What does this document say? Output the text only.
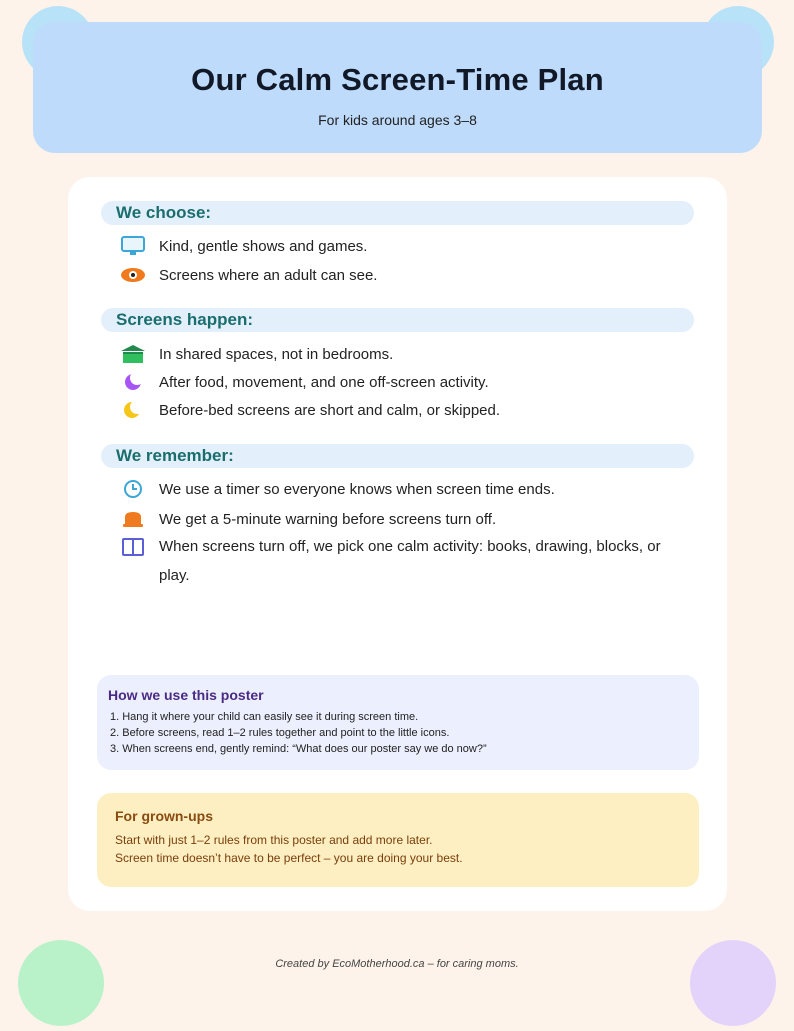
Our Calm Screen-Time Plan
For kids around ages 3–8
We choose:
Kind, gentle shows and games.
Screens where an adult can see.
Screens happen:
In shared spaces, not in bedrooms.
After food, movement, and one off-screen activity.
Before-bed screens are short and calm, or skipped.
We remember:
We use a timer so everyone knows when screen time ends.
We get a 5-minute warning before screens turn off.
When screens turn off, we pick one calm activity: books, drawing, blocks, or play.
How we use this poster
1. Hang it where your child can easily see it during screen time.
2. Before screens, read 1–2 rules together and point to the little icons.
3. When screens end, gently remind: “What does our poster say we do now?”
For grown-ups
Start with just 1–2 rules from this poster and add more later.
Screen time doesn’t have to be perfect – you are doing your best.
Created by EcoMotherhood.ca – for caring moms.
